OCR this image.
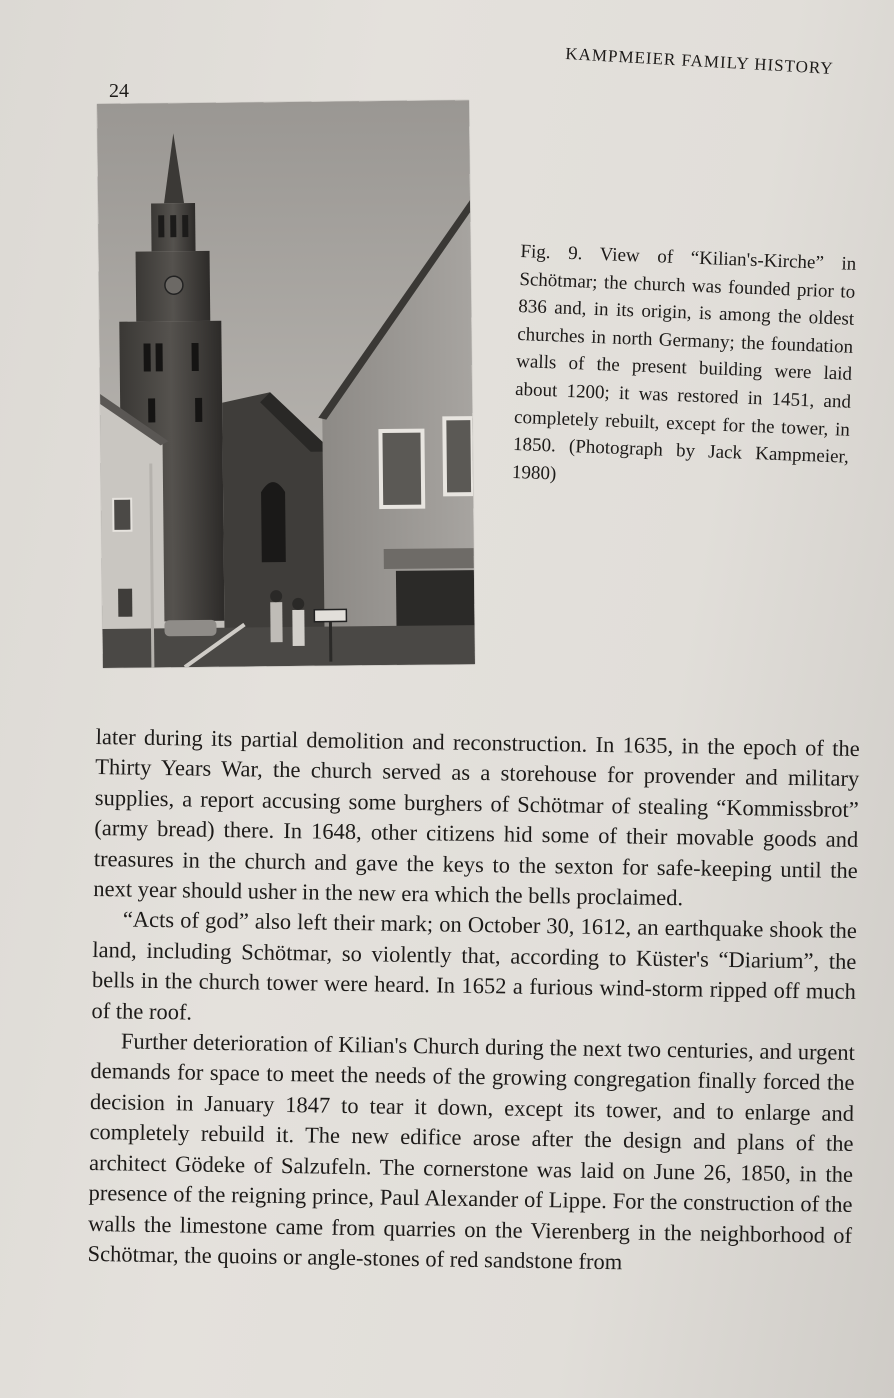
KAMPMEIER FAMILY HISTORY
24
Fig. 9. View of “Kilian's-Kirche” in Schötmar; the church was founded prior to 836 and, in its origin, is among the oldest churches in north Germany; the foundation walls of the present building were laid about 1200; it was restored in 1451, and completely rebuilt, except for the tower, in 1850. (Photograph by Jack Kampmeier, 1980)

later during its partial demolition and reconstruction. In 1635, in the epoch of the Thirty Years War, the church served as a storehouse for provender and military supplies, a report accusing some burghers of Schötmar of stealing “Kommissbrot” (army bread) there. In 1648, other citizens hid some of their movable goods and treasures in the church and gave the keys to the sexton for safe-keeping until the next year should usher in the new era which the bells proclaimed.

“Acts of god” also left their mark; on October 30, 1612, an earthquake shook the land, including Schötmar, so violently that, according to Küster's “Diarium”, the bells in the church tower were heard. In 1652 a furious wind-storm ripped off much of the roof.

Further deterioration of Kilian's Church during the next two centuries, and urgent demands for space to meet the needs of the growing congregation finally forced the decision in January 1847 to tear it down, except its tower, and to enlarge and completely rebuild it. The new edifice arose after the design and plans of the architect Gödeke of Salzufeln. The cornerstone was laid on June 26, 1850, in the presence of the reigning prince, Paul Alexander of Lippe. For the construction of the walls the limestone came from quarries on the Vierenberg in the neighborhood of Schötmar, the quoins or angle-stones of red sandstone from
